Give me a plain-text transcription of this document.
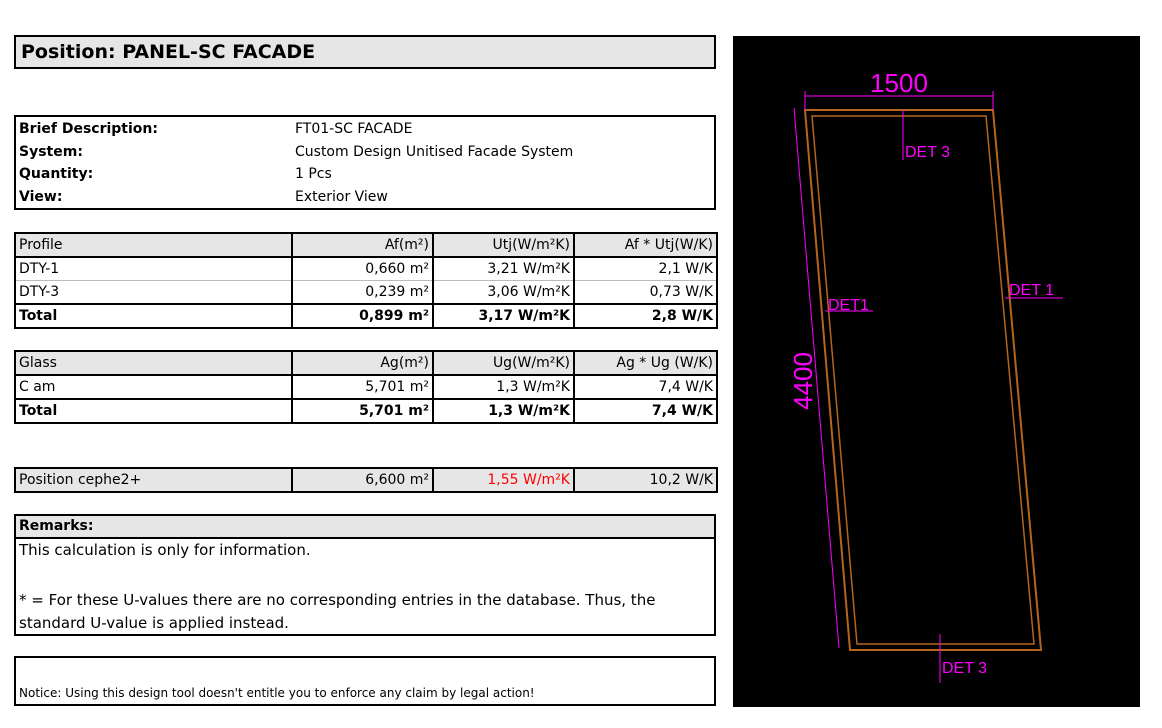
Position: PANEL-SC FACADE
Brief Description:	FT01-SC FACADE
System:	Custom Design Unitised Facade System
Quantity:	1 Pcs
View:	Exterior View
Profile	Af(m²)	Utj(W/m²K)	Af * Utj(W/K)
DTY-1	0,660 m²	3,21 W/m²K	2,1 W/K
DTY-3	0,239 m²	3,06 W/m²K	0,73 W/K
Total	0,899 m²	3,17 W/m²K	2,8 W/K
Glass	Ag(m²)	Ug(W/m²K)	Ag * Ug (W/K)
C am	5,701 m²	1,3 W/m²K	7,4 W/K
Total	5,701 m²	1,3 W/m²K	7,4 W/K
Position cephe2+	6,600 m²	1,55 W/m²K	10,2 W/K
Remarks:
This calculation is only for information.
* = For these U-values there are no corresponding entries in the database. Thus, the standard U-value is applied instead.
Notice: Using this design tool doesn't entitle you to enforce any claim by legal action!
1500
4400
DET 3
DET 1
DET1
DET 3
